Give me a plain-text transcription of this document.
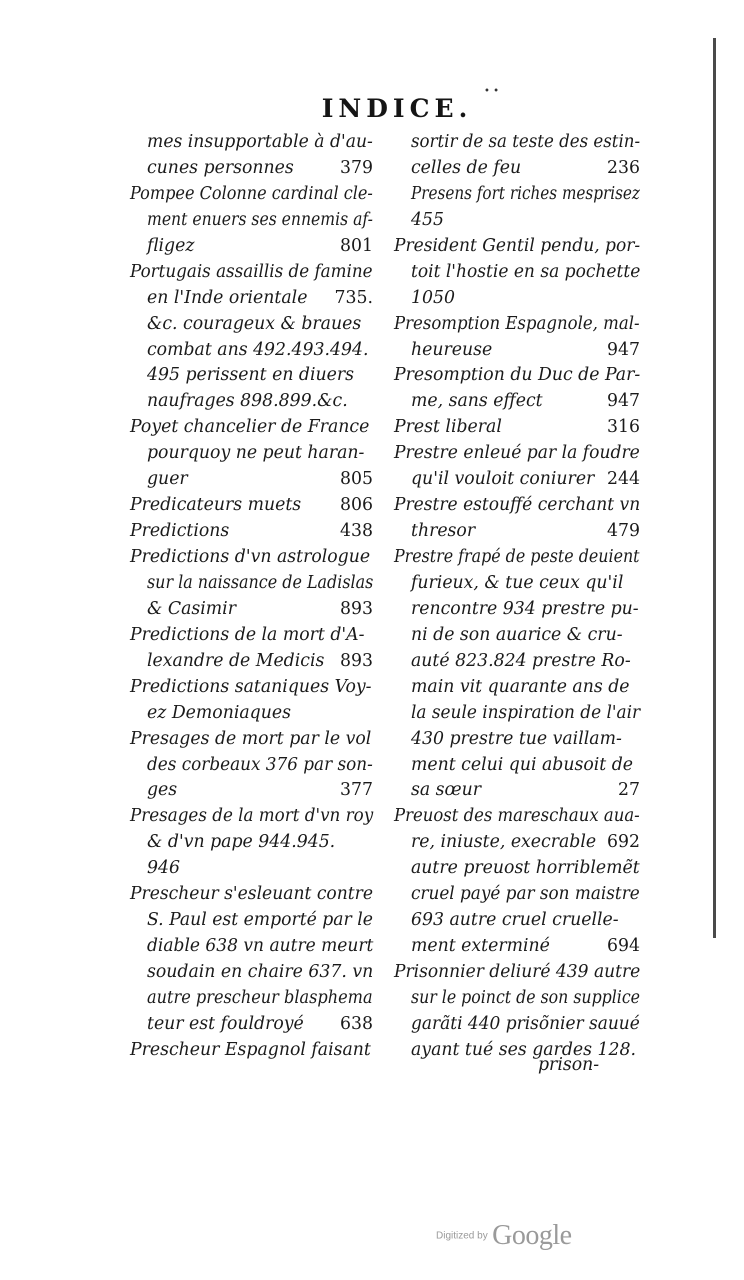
• •
INDICE.
mes insupportable à d'au-
cunes personnes	379
Pompee Colonne cardinal cle-
ment enuers ses ennemis af-
fligez	801
Portugais assaillis de famine
en l'Inde orientale 735.
&c. courageux & braues
combat ans 492.493.494.
495 perissent en diuers
naufrages 898.899.&c.
Poyet chancelier de France
pourquoy ne peut haran-
guer	805
Predicateurs muets 806
Predictions	438
Predictions d'vn astrologue
sur la naissance de Ladislas
& Casimir	893
Predictions de la mort d'A-
lexandre de Medicis 893
Predictions sataniques Voy-
ez Demoniaques
Presages de mort par le vol
des corbeaux 376 par son-
ges	377
Presages de la mort d'vn roy
& d'vn pape 944.945.
946
Prescheur s'esleuant contre
S. Paul est emporté par le
diable 638 vn autre meurt
soudain en chaire 637. vn
autre prescheur blasphema
teur est fouldroyé 638
Prescheur Espagnol faisant
sortir de sa teste des estin-
celles de feu	236
Presens fort riches mesprisez
455
President Gentil pendu, por-
toit l'hostie en sa pochette
1050
Presomption Espagnole, mal-
heureuse	947
Presomption du Duc de Par-
me, sans effect	947
Prest liberal	316
Prestre enleué par la foudre
qu'il vouloit coniurer 244
Prestre estouffé cerchant vn
thresor	479
Prestre frapé de peste deuient
furieux, & tue ceux qu'il
rencontre 934 prestre pu-
ni de son auarice & cru-
auté 823.824 prestre Ro-
main vit quarante ans de
la seule inspiration de l'air
430 prestre tue vaillam-
ment celui qui abusoit de
sa sœur	27
Preuost des mareschaux aua-
re, iniuste, execrable 692
autre preuost horriblemẽt
cruel payé par son maistre
693 autre cruel cruelle-
ment exterminé	694
Prisonnier deliuré 439 autre
sur le poinct de son supplice
garãti 440 prisõnier sauué
ayant tué ses gardes 128.
prison-
Digitized by Google
